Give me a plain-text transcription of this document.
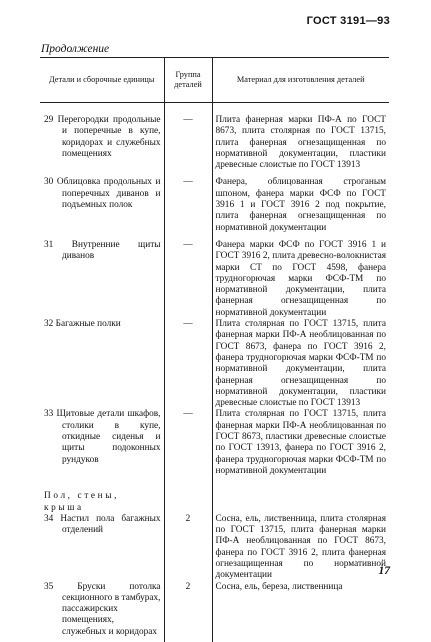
ГОСТ 3191—93
Продолжение
Детали и сборочные единицы	Группа деталей	Материал для изготовления деталей

29 Перегородки продольные и поперечные в купе, коридорах и служебных помещениях	—	Плита фанерная марки ПФ-А по ГОСТ 8673, плита столярная по ГОСТ 13715, плита фанерная огнезащищенная по нормативной документации, пластики древесные слоистые по ГОСТ 13913

30 Облицовка продольных и поперечных диванов и подъемных полок	—	Фанера, облицованная строганым шпоном, фанера марки ФСФ по ГОСТ 3916 1 и ГОСТ 3916 2 под покрытие, плита фанерная огнезащищенная по нормативной документации

31 Внутренние щиты диванов	—	Фанера марки ФСФ по ГОСТ 3916 1 и ГОСТ 3916 2, плита древесно-волокнистая марки СТ по ГОСТ 4598, фанера трудногорючая марки ФСФ-ТМ по нормативной документации, плита фанерная огнезащищенная по нормативной документации
32 Багажные полки	—	Плита столярная по ГОСТ 13715, плита фанерная марки ПФ-А необлицованная по ГОСТ 8673, фанера по ГОСТ 3916 2, фанера трудногорючая марки ФСФ-ТМ по нормативной документации, плита фанерная огнезащищенная по нормативной документации, пластики древесные слоистые по ГОСТ 13913
33 Щитовые детали шкафов, столики в купе, откидные сиденья и щиты подоконных рундуков	—	Плита столярная по ГОСТ 13715, плита фанерная марки ПФ-А необлицованная по ГОСТ 8673, пластики древесные слоистые по ГОСТ 13913, фанера по ГОСТ 3916 2, фанера трудногорючая марки ФСФ-ТМ по нормативной документации

Пол, стены, крыша		
34 Настил пола багажных отделений	2	Сосна, ель, лиственница, плита столярная по ГОСТ 13715, плита фанерная марки ПФ-А необлицованная по ГОСТ 8673, фанера по ГОСТ 3916 2, плита фанерная огнезащищенная по нормативной документации
35 Бруски потолка секционного в тамбурах, пассажирских помещениях, служебных и коридорах	2	Сосна, ель, береза, лиственница

17
